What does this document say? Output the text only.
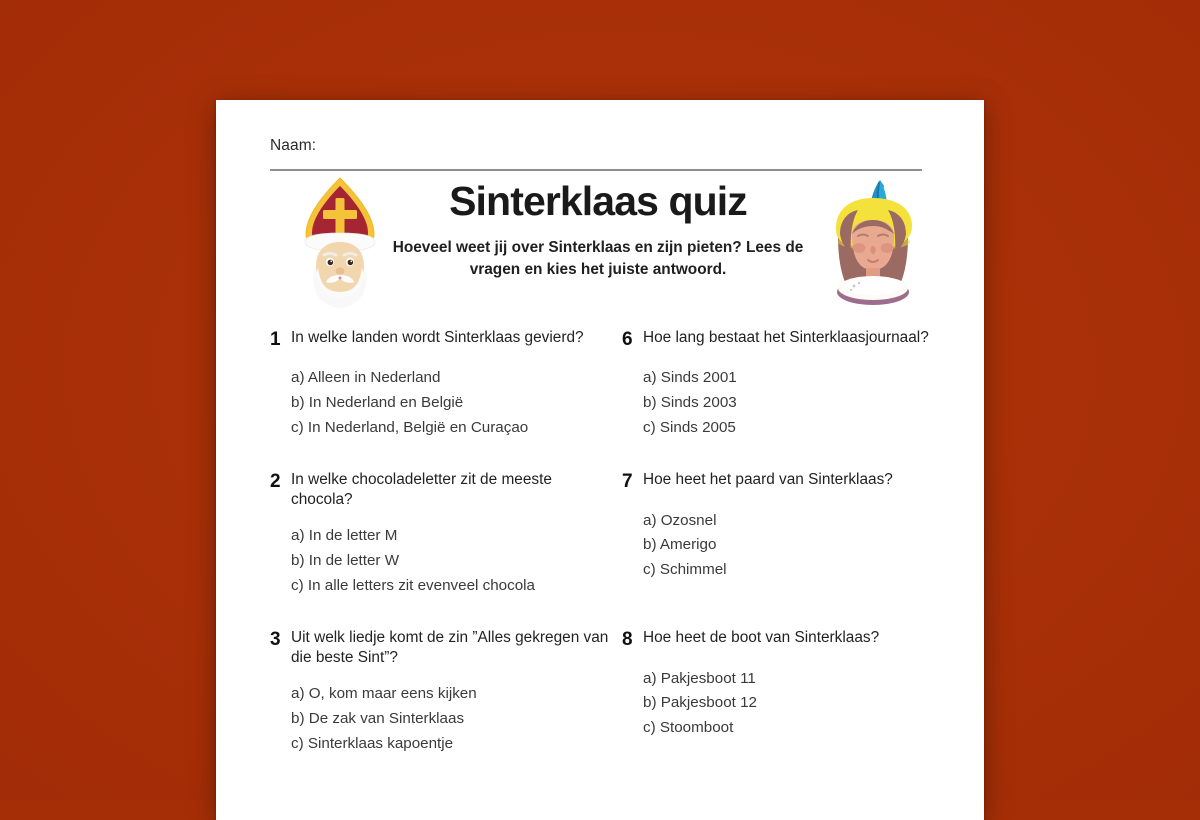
Naam:
Sinterklaas quiz
Hoeveel weet jij over Sinterklaas en zijn pieten? Lees de vragen en kies het juiste antwoord.
1 In welke landen wordt Sinterklaas gevierd?
a) Alleen in Nederland
b) In Nederland en België
c) In Nederland, België en Curaçao
6 Hoe lang bestaat het Sinterklaasjournaal?
a) Sinds 2001
b) Sinds 2003
c) Sinds 2005
2 In welke chocoladeletter zit de meeste chocola?
a) In de letter M
b) In de letter W
c) In alle letters zit evenveel chocola
7 Hoe heet het paard van Sinterklaas?
a) Ozosnel
b) Amerigo
c) Schimmel
3 Uit welk liedje komt de zin ”Alles gekregen van die beste Sint”?
a) O, kom maar eens kijken
b) De zak van Sinterklaas
c) Sinterklaas kapoentje
8 Hoe heet de boot van Sinterklaas?
a) Pakjesboot 11
b) Pakjesboot 12
c) Stoomboot
